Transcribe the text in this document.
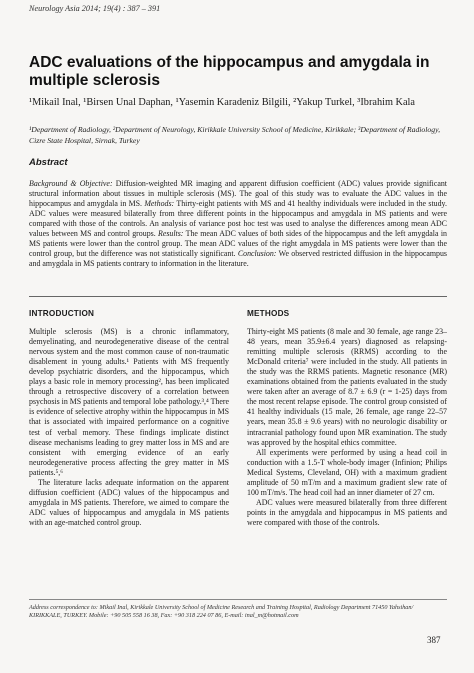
Neurology Asia 2014; 19(4) : 387 – 391
ADC evaluations of the hippocampus and amygdala in multiple sclerosis
¹Mikail Inal, ¹Birsen Unal Daphan, ¹Yasemin Karadeniz Bilgili, ²Yakup Turkel, ³Ibrahim Kala
¹Department of Radiology, ²Department of Neurology, Kirikkale University School of Medicine, Kirikkale; ³Department of Radiology, Cizre State Hospital, Sirnak, Turkey
Abstract
Background & Objective: Diffusion-weighted MR imaging and apparent diffusion coefficient (ADC) values provide significant structural information about tissues in multiple sclerosis (MS). The goal of this study was to evaluate the ADC values in the hippocampus and amygdala in MS. Methods: Thirty-eight patients with MS and 41 healthy individuals were included in the study. ADC values were measured bilaterally from three different points in the hippocampus and amygdala in MS patients and were compared with those of the controls. An analysis of variance post hoc test was used to analyse the differences among mean ADC values between MS and control groups. Results: The mean ADC values of both sides of the hippocampus and the left amygdala in MS patients were lower than the control group. The mean ADC values of the right amygdala in MS patients were lower than the control group, but the difference was not statistically significant. Conclusion: We observed restricted diffusion in the hippocampus and amygdala in MS patients contrary to information in the literature.
INTRODUCTION

Multiple sclerosis (MS) is a chronic inflammatory, demyelinating, and neurodegenerative disease of the central nervous system and the most common cause of non-traumatic disablement in young adults.¹ Patients with MS frequently develop psychiatric disorders, and the hippocampus, which plays a basic role in memory processing², has been implicated through a retrospective discovery of a correlation between psychosis in MS patients and temporal lobe pathology.³,⁴ There is evidence of selective atrophy within the hippocampus in MS that is associated with impaired performance on a cognitive test of verbal memory. These findings implicate distinct disease mechanisms leading to grey matter loss in MS and are consistent with emerging evidence of an early neurodegenerative process affecting the grey matter in MS patients.⁵,⁶

The literature lacks adequate information on the apparent diffusion coefficient (ADC) values of the hippocampus and amygdala in MS patients. Therefore, we aimed to compare the ADC values of hippocampus and amygdala in MS patients with an age-matched control group.

METHODS

Thirty-eight MS patients (8 male and 30 female, age range 23–48 years, mean 35.9±6.4 years) diagnosed as relapsing-remitting multiple sclerosis (RRMS) according to the McDonald criteria⁷ were included in the study. All patients in the study was the RRMS patients. Magnetic resonance (MR) examinations obtained from the patients evaluated in the study were taken after an average of 8.7 ± 6.9 (r = 1-25) days from the most recent relapse episode. The control group consisted of 41 healthy individuals (15 male, 26 female, age range 22–57 years, mean 35.8 ± 9.6 years) with no neurologic disability or intracranial pathology found upon MR examination. The study was approved by the hospital ethics committee.

All experiments were performed by using a head coil in conduction with a 1.5-T whole-body imager (Infinion; Philips Medical Systems, Cleveland, OH) with a maximum gradient amplitude of 50 mT/m and a maximum gradient slew rate of 100 mT/m/s. The head coil had an inner diameter of 27 cm.

ADC values were measured bilaterally from three different points in the amygdala and hippocampus in MS patients and were compared with those of the controls.

Address correspondence to: Mikail Inal, Kirikkale University School of Medicine Research and Training Hospital, Radiology Department 71450 Yahsihan/ KIRIKKALE, TURKEY. Mobile: +90 505 558 16 38, Fax: +90 318 224 07 86, E-mail: inal_m@hotmail.com
387
